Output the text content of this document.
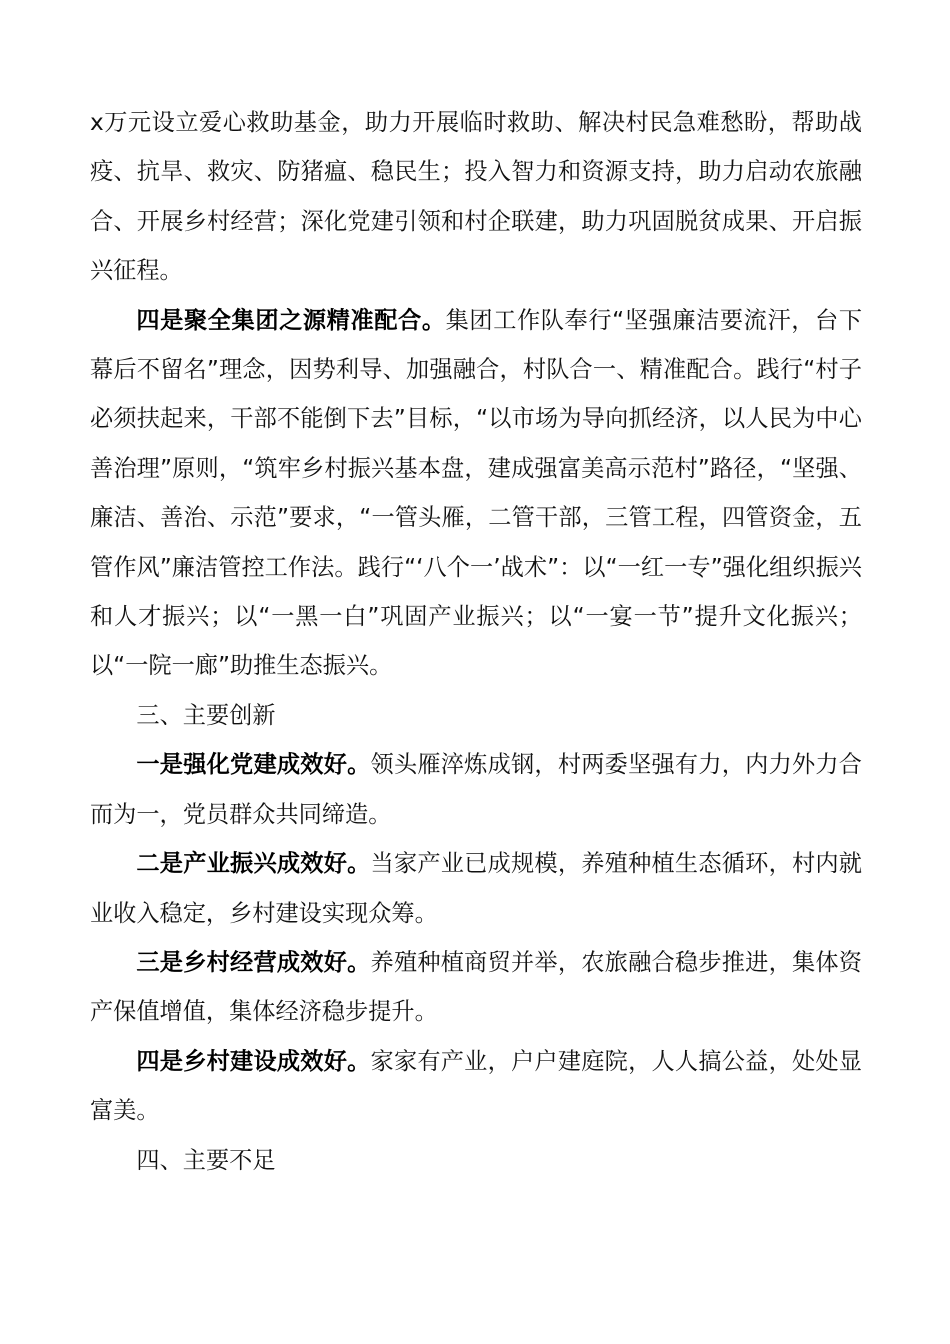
x万元设立爱心救助基金，助力开展临时救助、解决村民急难愁盼，帮助战疫、抗旱、救灾、防猪瘟、稳民生；投入智力和资源支持，助力启动农旅融合、开展乡村经营；深化党建引领和村企联建，助力巩固脱贫成果、开启振兴征程。

四是聚全集团之源精准配合。集团工作队奉行“坚强廉洁要流汗，台下幕后不留名”理念，因势利导、加强融合，村队合一、精准配合。践行“村子必须扶起来，干部不能倒下去”目标，“以市场为导向抓经济，以人民为中心善治理”原则，“筑牢乡村振兴基本盘，建成强富美高示范村”路径，“坚强、廉洁、善治、示范”要求，“一管头雁，二管干部，三管工程，四管资金，五管作风”廉洁管控工作法。践行“‘八个一’战术”：以“一红一专”强化组织振兴和人才振兴；以“一黑一白”巩固产业振兴；以“一宴一节”提升文化振兴；以“一院一廊”助推生态振兴。

三、主要创新

一是强化党建成效好。领头雁淬炼成钢，村两委坚强有力，内力外力合而为一，党员群众共同缔造。

二是产业振兴成效好。当家产业已成规模，养殖种植生态循环，村内就业收入稳定，乡村建设实现众筹。

三是乡村经营成效好。养殖种植商贸并举，农旅融合稳步推进，集体资产保值增值，集体经济稳步提升。

四是乡村建设成效好。家家有产业，户户建庭院，人人搞公益，处处显富美。

四、主要不足
